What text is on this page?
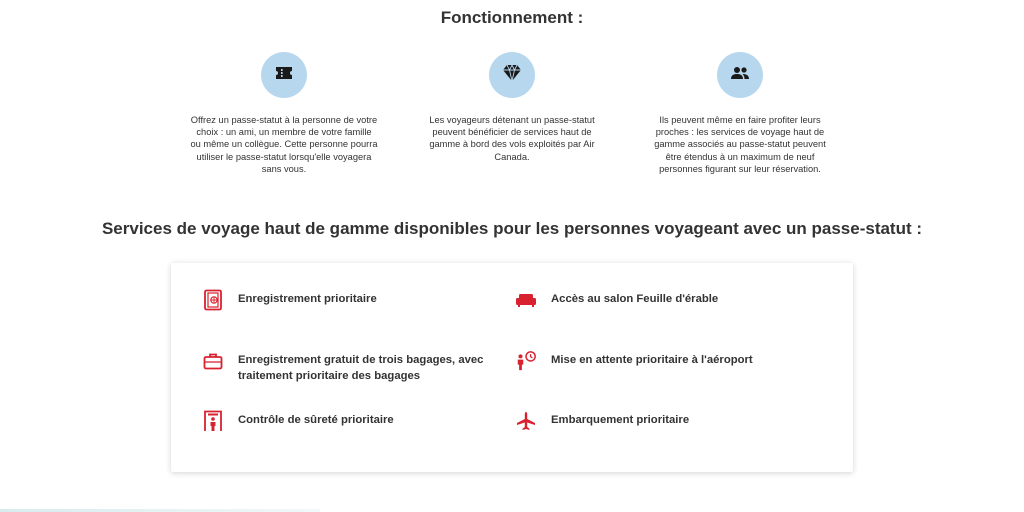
Fonctionnement :
Offrez un passe-statut à la personne de votre choix : un ami, un membre de votre famille ou même un collègue. Cette personne pourra utiliser le passe-statut lorsqu'elle voyagera sans vous.
Les voyageurs détenant un passe-statut peuvent bénéficier de services haut de gamme à bord des vols exploités par Air Canada.
Ils peuvent même en faire profiter leurs proches : les services de voyage haut de gamme associés au passe-statut peuvent être étendus à un maximum de neuf personnes figurant sur leur réservation.
Services de voyage haut de gamme disponibles pour les personnes voyageant avec un passe-statut :
Enregistrement prioritaire	Accès au salon Feuille d'érable
Enregistrement gratuit de trois bagages, avec traitement prioritaire des bagages
Mise en attente prioritaire à l'aéroport
Contrôle de sûreté prioritaire	Embarquement prioritaire
